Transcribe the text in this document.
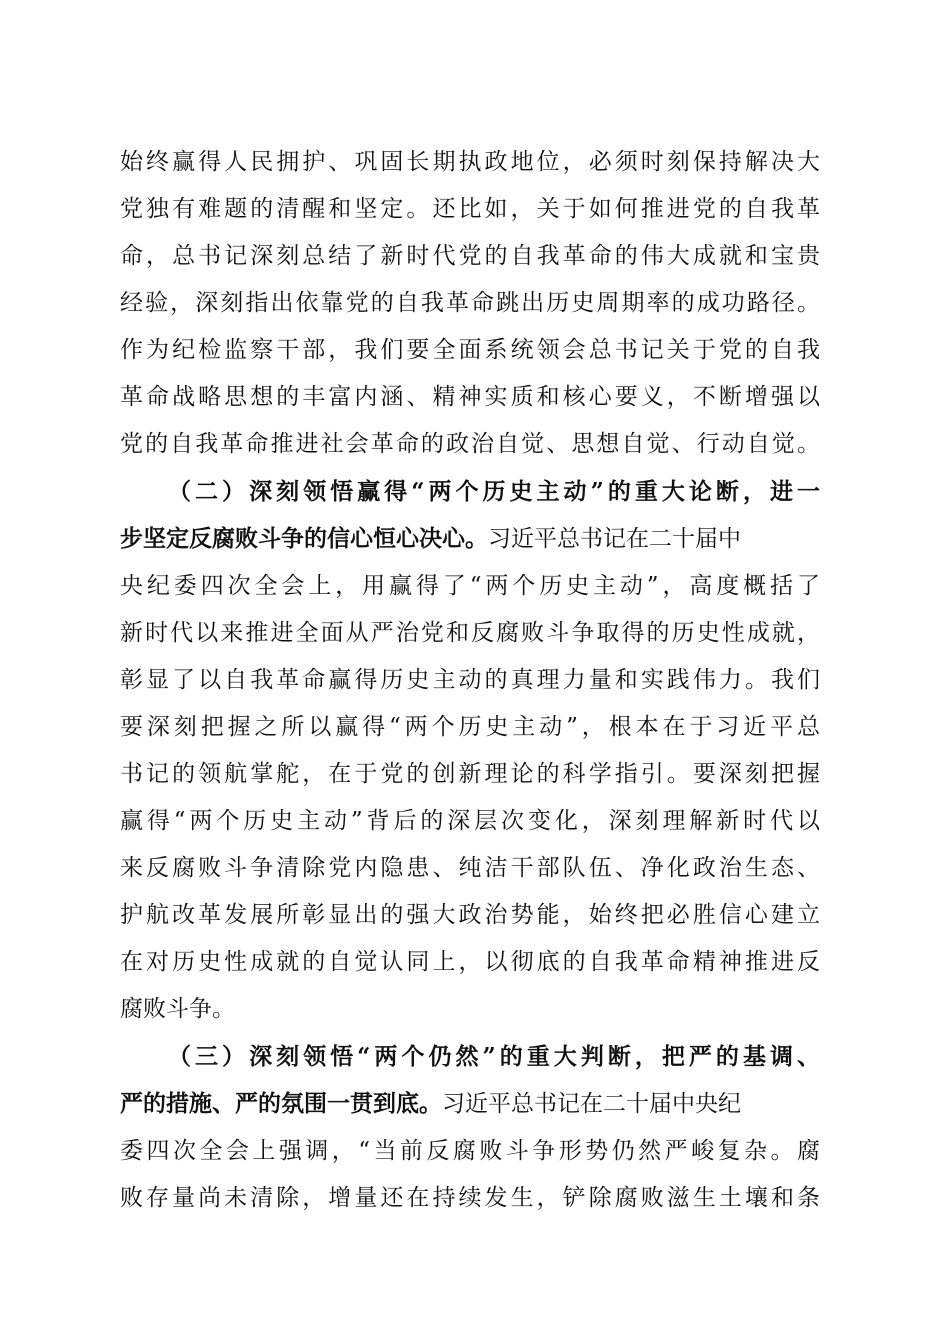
始终赢得人民拥护、巩固长期执政地位，必须时刻保持解决大
党独有难题的清醒和坚定。还比如，关于如何推进党的自我革
命，总书记深刻总结了新时代党的自我革命的伟大成就和宝贵
经验，深刻指出依靠党的自我革命跳出历史周期率的成功路径。
作为纪检监察干部，我们要全面系统领会总书记关于党的自我
革命战略思想的丰富内涵、精神实质和核心要义，不断增强以
党的自我革命推进社会革命的政治自觉、思想自觉、行动自觉。
（二）深刻领悟赢得“两个历史主动”的重大论断，进一
步坚定反腐败斗争的信心恒心决心。习近平总书记在二十届中
央纪委四次全会上，用赢得了“两个历史主动”，高度概括了
新时代以来推进全面从严治党和反腐败斗争取得的历史性成就，
彰显了以自我革命赢得历史主动的真理力量和实践伟力。我们
要深刻把握之所以赢得“两个历史主动”，根本在于习近平总
书记的领航掌舵，在于党的创新理论的科学指引。要深刻把握
赢得“两个历史主动”背后的深层次变化，深刻理解新时代以
来反腐败斗争清除党内隐患、纯洁干部队伍、净化政治生态、
护航改革发展所彰显出的强大政治势能，始终把必胜信心建立
在对历史性成就的自觉认同上，以彻底的自我革命精神推进反
腐败斗争。
（三）深刻领悟“两个仍然”的重大判断，把严的基调、
严的措施、严的氛围一贯到底。习近平总书记在二十届中央纪
委四次全会上强调，“当前反腐败斗争形势仍然严峻复杂。腐
败存量尚未清除，增量还在持续发生，铲除腐败滋生土壤和条
